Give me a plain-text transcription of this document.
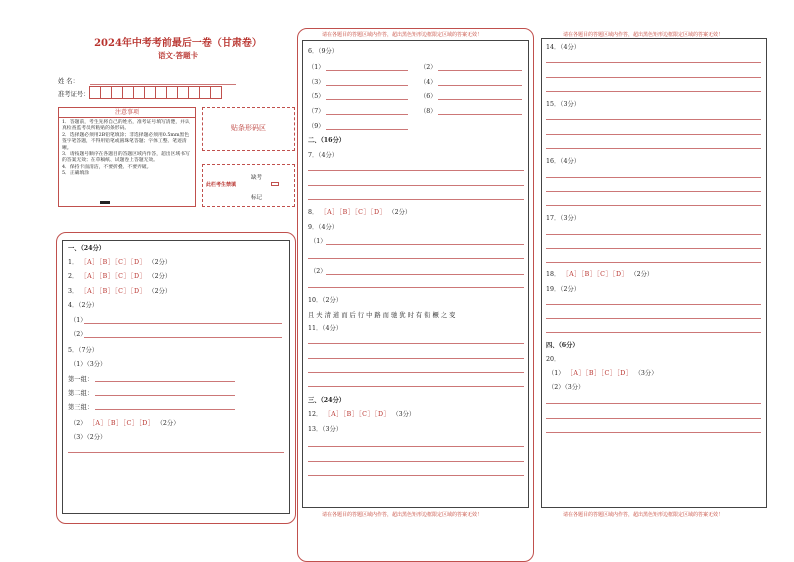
2024年中考考前最后一卷（甘肃卷）
语文·答题卡
姓 名：
准考证号：
注意事项
1．答题前，考生先将自己的姓名，准考证号填写清楚，并认真检查监考员所粘贴的条形码。
2．选择题必须用2B铅笔填涂；非选择题必须用0.5mm黑色签字笔答题，不得用铅笔或圆珠笔答题；字体工整、笔迹清晰。
3．请按题号顺序在各题目的答题区域内作答，超出区域书写的答案无效；在草稿纸、试题卷上答题无效。
4．保持卡面清洁，不要折叠、不要弄破。
5．正确填涂
贴条形码区
此栏考生禁填
缺考
标记
一、（24分）
1． ［A］［B］［C］［D］ （2分）
2． ［A］［B］［C］［D］ （2分）
3． ［A］［B］［C］［D］ （2分）
4．（2分）
（1）
（2）
5．（7分）
（1）（3分）
第一组：
第二组：
第三组：
（2） ［A］［B］［C］［D］ （2分）
（3）（2分）
请在各题目的答题区域内作答，超出黑色矩形边框限定区域的答案无效！
请在各题目的答题区域内作答，超出黑色矩形边框限定区域的答案无效！
6．（9分）
（1）
（3）
（5）
（7）
（9）
（2）
（4）
（6）
（8）
二、（16分）
7．（4分）
8． ［A］［B］［C］［D］ （2分）
9．（4分）
（1）
（2）
10．（2分）
且 夫 清 道 而 后 行 中 路 而 驰 犹 时 有 衔 橛 之 变
11．（4分）
三、（24分）
12． ［A］［B］［C］［D］ （3分）
13．（3分）
请在各题目的答题区域内作答，超出黑色矩形边框限定区域的答案无效！
请在各题目的答题区域内作答，超出黑色矩形边框限定区域的答案无效！
14．（4分）
15．（3分）
16．（4分）
17．（3分）
18． ［A］［B］［C］［D］ （2分）
19．（2分）
四、（6分）
20．
（1） ［A］［B］［C］［D］ （3分）
（2）（3分）
